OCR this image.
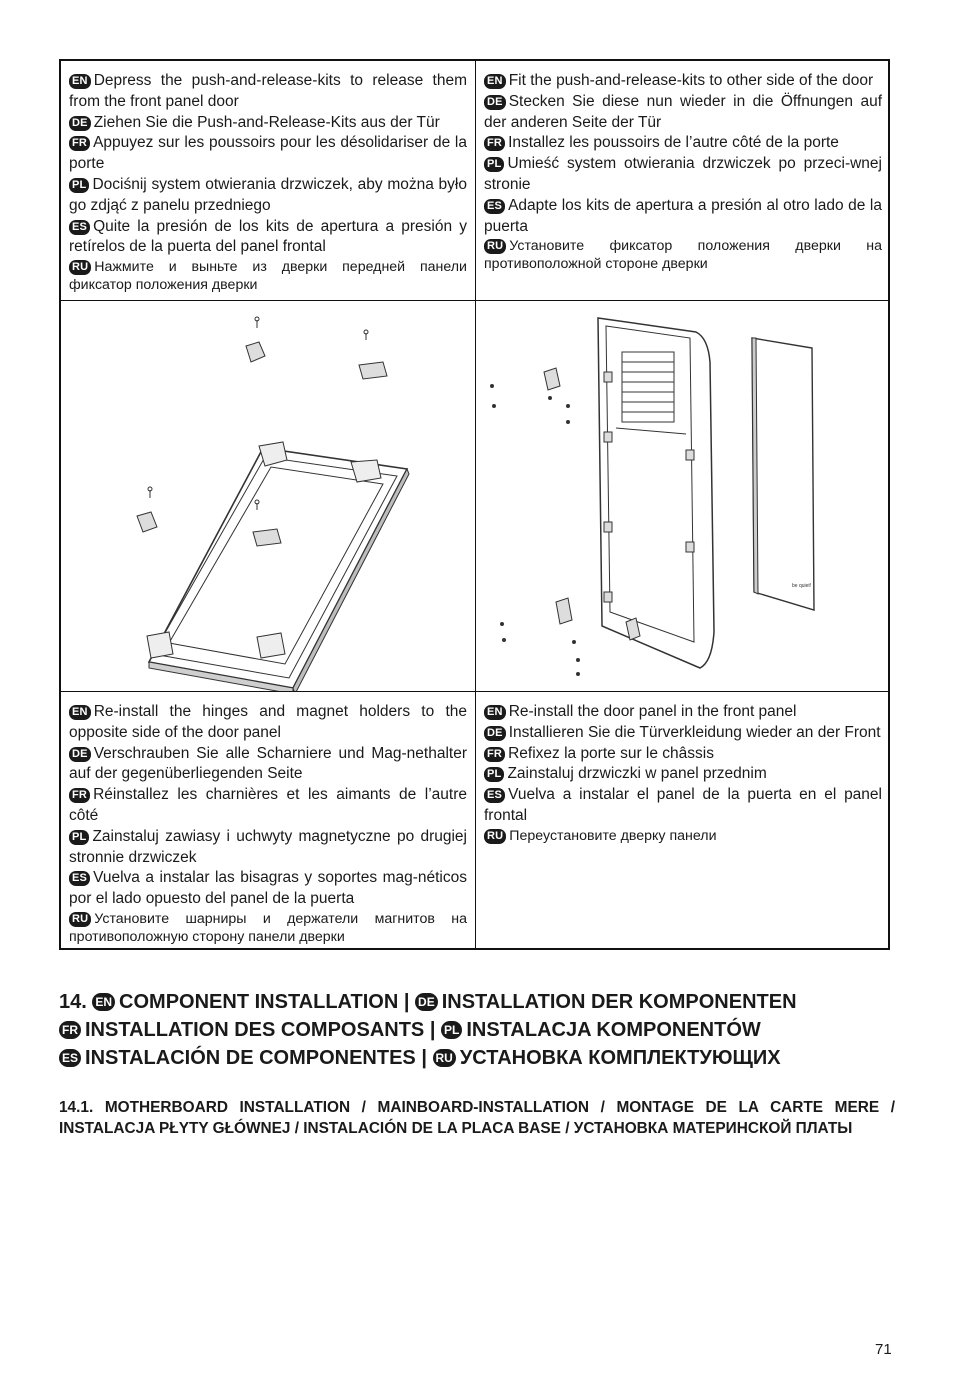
EN Depress the push-and-release-kits to release them from the front panel door

DE Ziehen Sie die Push-and-Release-Kits aus der Tür

FR Appuyez sur les poussoirs pour les désolidariser de la porte

PL Dociśnij system otwierania drzwiczek, aby można było go zdjąć z panelu przedniego

ES Quite la presión de los kits de apertura a presión y retírelos de la puerta del panel frontal

RU Нажмите и выньте из дверки передней панели фиксатор положения дверки

EN Fit the push-and-release-kits to other side of the door

DE Stecken Sie diese nun wieder in die Öffnungen auf der anderen Seite der Tür

FR Installez les poussoirs de l’autre côté de la porte

PL Umieść system otwierania drzwiczek po przeci-wnej stronie

ES Adapte los kits de apertura a presión al otro lado de la puerta

RU Установите фиксатор положения дверки на противоположной стороне дверки

be quiet!

EN Re-install the hinges and magnet holders to the opposite side of the door panel

DE Verschrauben Sie alle Scharniere und Mag-nethalter auf der gegenüberliegenden Seite

FR Réinstallez les charnières et les aimants de l’autre côté

PL Zainstaluj zawiasy i uchwyty magnetyczne po drugiej stronnie drzwiczek

ES Vuelva a instalar las bisagras y soportes mag-néticos por el lado opuesto del panel de la puerta

RU Установите шарниры и держатели магнитов на противоположную сторону панели дверки

EN Re-install the door panel in the front panel

DE Installieren Sie die Türverkleidung wieder an der Front

FR Refixez la porte sur le châssis

PL Zainstaluj drzwiczki w panel przednim

ES Vuelva a instalar el panel de la puerta en el panel frontal

RU Переустановите дверку панели

14. EN COMPONENT INSTALLATION | DE INSTALLATION DER KOMPONENTEN
FR INSTALLATION DES COMPOSANTS | PL INSTALACJA KOMPONENTÓW
ES INSTALACIÓN DE COMPONENTES | RU УСТАНОВКА КОМПЛЕКТУЮЩИХ
14.1. MOTHERBOARD INSTALLATION / MAINBOARD-INSTALLATION / MONTAGE DE LA CARTE MERE / INSTALACJA PŁYTY GŁÓWNEJ / INSTALACIÓN DE LA PLACA BASE / УСТАНОВКА МАТЕРИНСКОЙ ПЛАТЫ
71
